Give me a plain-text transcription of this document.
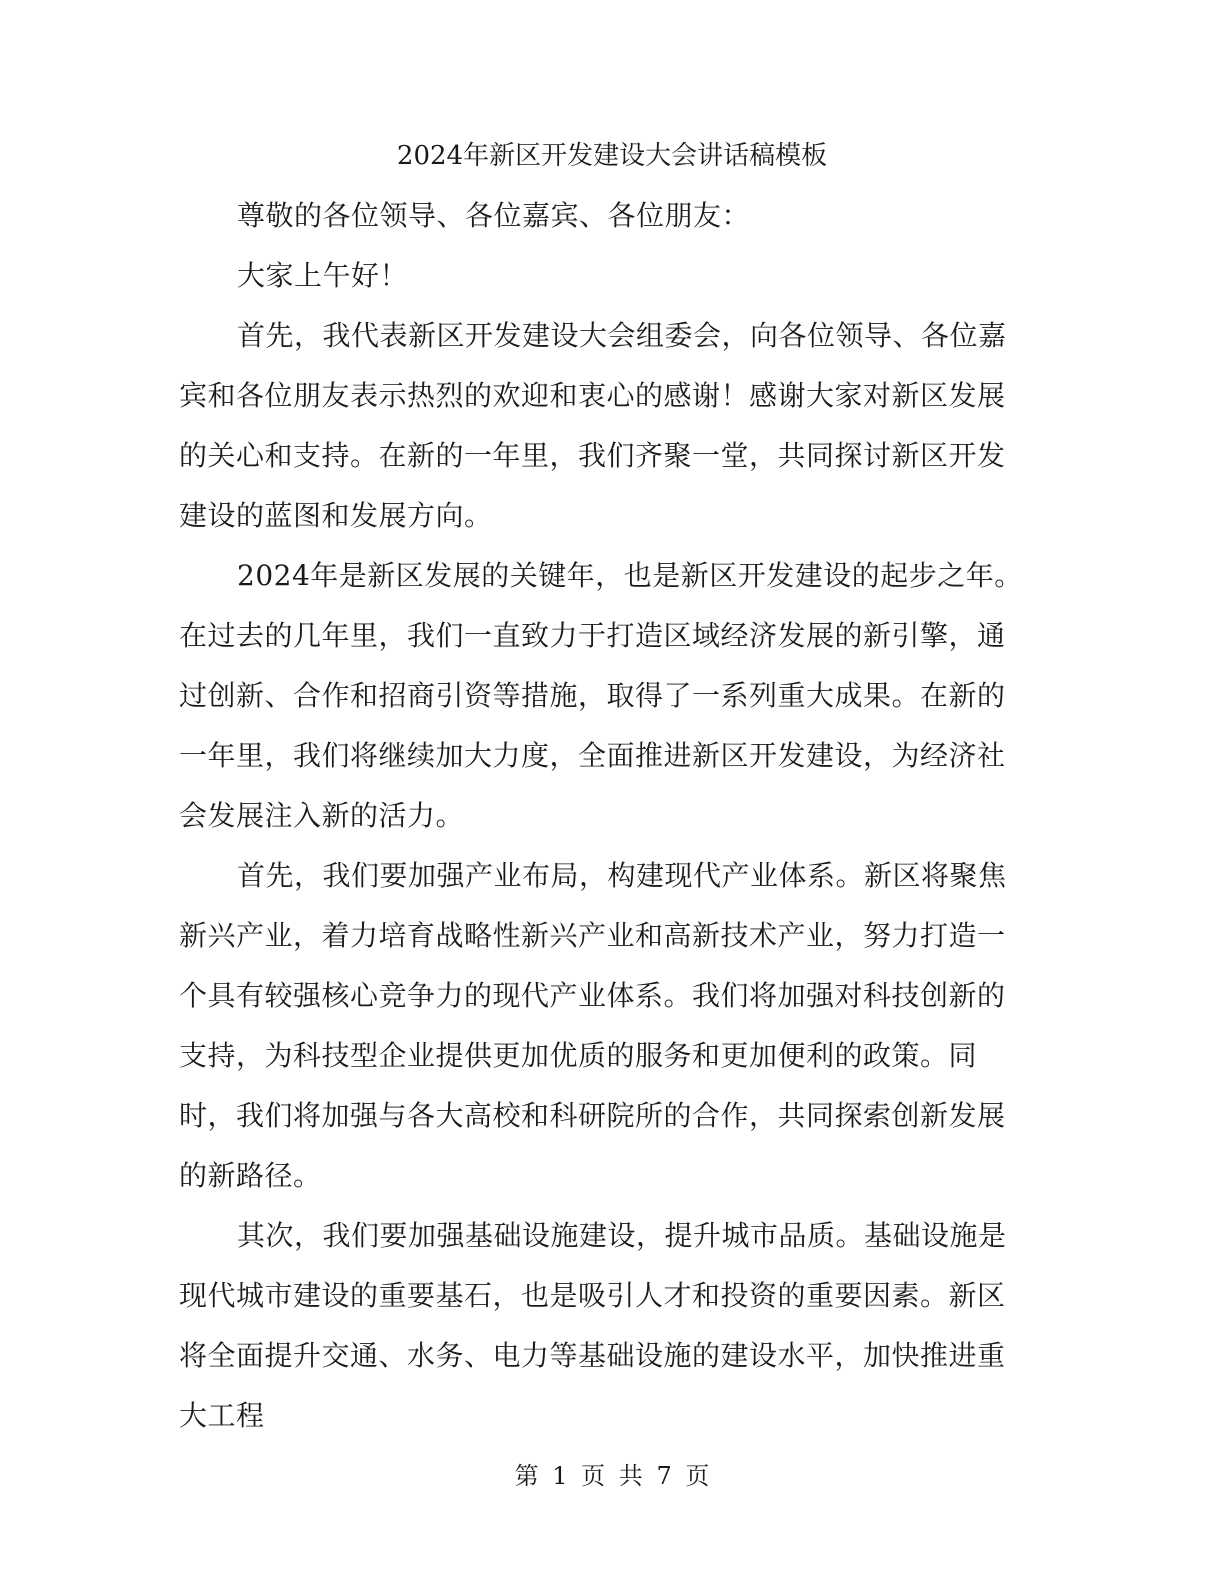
2024年新区开发建设大会讲话稿模板

尊敬的各位领导、各位嘉宾、各位朋友：

大家上午好！

首先，我代表新区开发建设大会组委会，向各位领导、各位嘉宾和各位朋友表示热烈的欢迎和衷心的感谢！感谢大家对新区发展的关心和支持。在新的一年里，我们齐聚一堂，共同探讨新区开发建设的蓝图和发展方向。

2024年是新区发展的关键年，也是新区开发建设的起步之年。在过去的几年里，我们一直致力于打造区域经济发展的新引擎，通过创新、合作和招商引资等措施，取得了一系列重大成果。在新的一年里，我们将继续加大力度，全面推进新区开发建设，为经济社会发展注入新的活力。

首先，我们要加强产业布局，构建现代产业体系。新区将聚焦新兴产业，着力培育战略性新兴产业和高新技术产业，努力打造一个具有较强核心竞争力的现代产业体系。我们将加强对科技创新的支持，为科技型企业提供更加优质的服务和更加便利的政策。同时，我们将加强与各大高校和科研院所的合作，共同探索创新发展的新路径。

其次，我们要加强基础设施建设，提升城市品质。基础设施是现代城市建设的重要基石，也是吸引人才和投资的重要因素。新区将全面提升交通、水务、电力等基础设施的建设水平，加快推进重大工程

第 1 页 共 7 页
